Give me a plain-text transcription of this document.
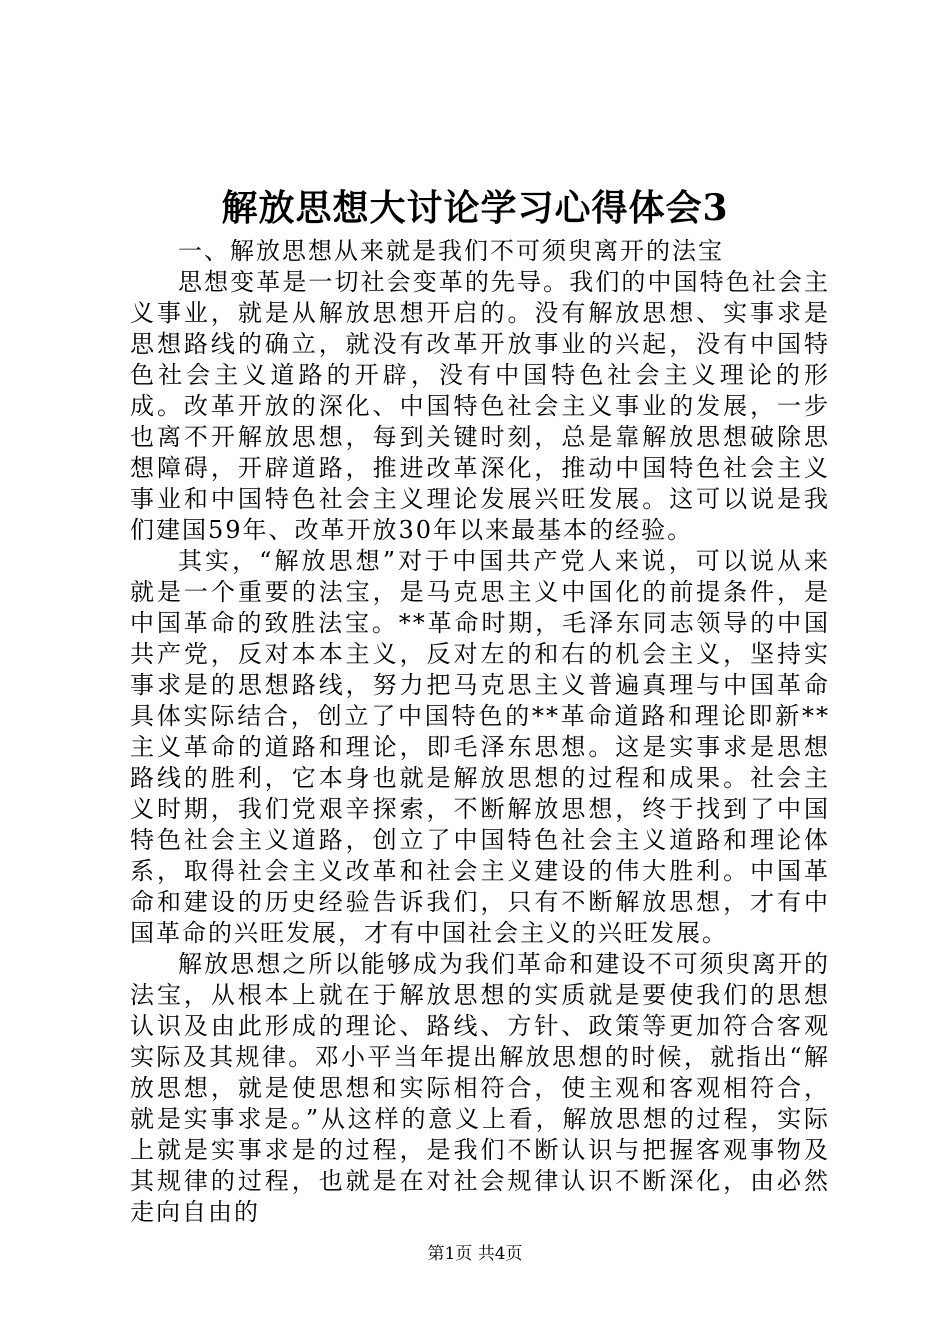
解放思想大讨论学习心得体会3

一、解放思想从来就是我们不可须臾离开的法宝

思想变革是一切社会变革的先导。我们的中国特色社会主义事业，就是从解放思想开启的。没有解放思想、实事求是思想路线的确立，就没有改革开放事业的兴起，没有中国特色社会主义道路的开辟，没有中国特色社会主义理论的形成。改革开放的深化、中国特色社会主义事业的发展，一步也离不开解放思想，每到关键时刻，总是靠解放思想破除思想障碍，开辟道路，推进改革深化，推动中国特色社会主义事业和中国特色社会主义理论发展兴旺发展。这可以说是我们建国59年、改革开放30年以来最基本的经验。

其实，“解放思想”对于中国共产党人来说，可以说从来就是一个重要的法宝，是马克思主义中国化的前提条件，是中国革命的致胜法宝。**革命时期，毛泽东同志领导的中国共产党，反对本本主义，反对左的和右的机会主义，坚持实事求是的思想路线，努力把马克思主义普遍真理与中国革命具体实际结合，创立了中国特色的**革命道路和理论即新**主义革命的道路和理论，即毛泽东思想。这是实事求是思想路线的胜利，它本身也就是解放思想的过程和成果。社会主义时期，我们党艰辛探索，不断解放思想，终于找到了中国特色社会主义道路，创立了中国特色社会主义道路和理论体系，取得社会主义改革和社会主义建设的伟大胜利。中国革命和建设的历史经验告诉我们，只有不断解放思想，才有中国革命的兴旺发展，才有中国社会主义的兴旺发展。

解放思想之所以能够成为我们革命和建设不可须臾离开的法宝，从根本上就在于解放思想的实质就是要使我们的思想认识及由此形成的理论、路线、方针、政策等更加符合客观实际及其规律。邓小平当年提出解放思想的时候，就指出“解放思想，就是使思想和实际相符合，使主观和客观相符合，就是实事求是。”从这样的意义上看，解放思想的过程，实际上就是实事求是的过程，是我们不断认识与把握客观事物及其规律的过程，也就是在对社会规律认识不断深化，由必然走向自由的

第1页 共4页
